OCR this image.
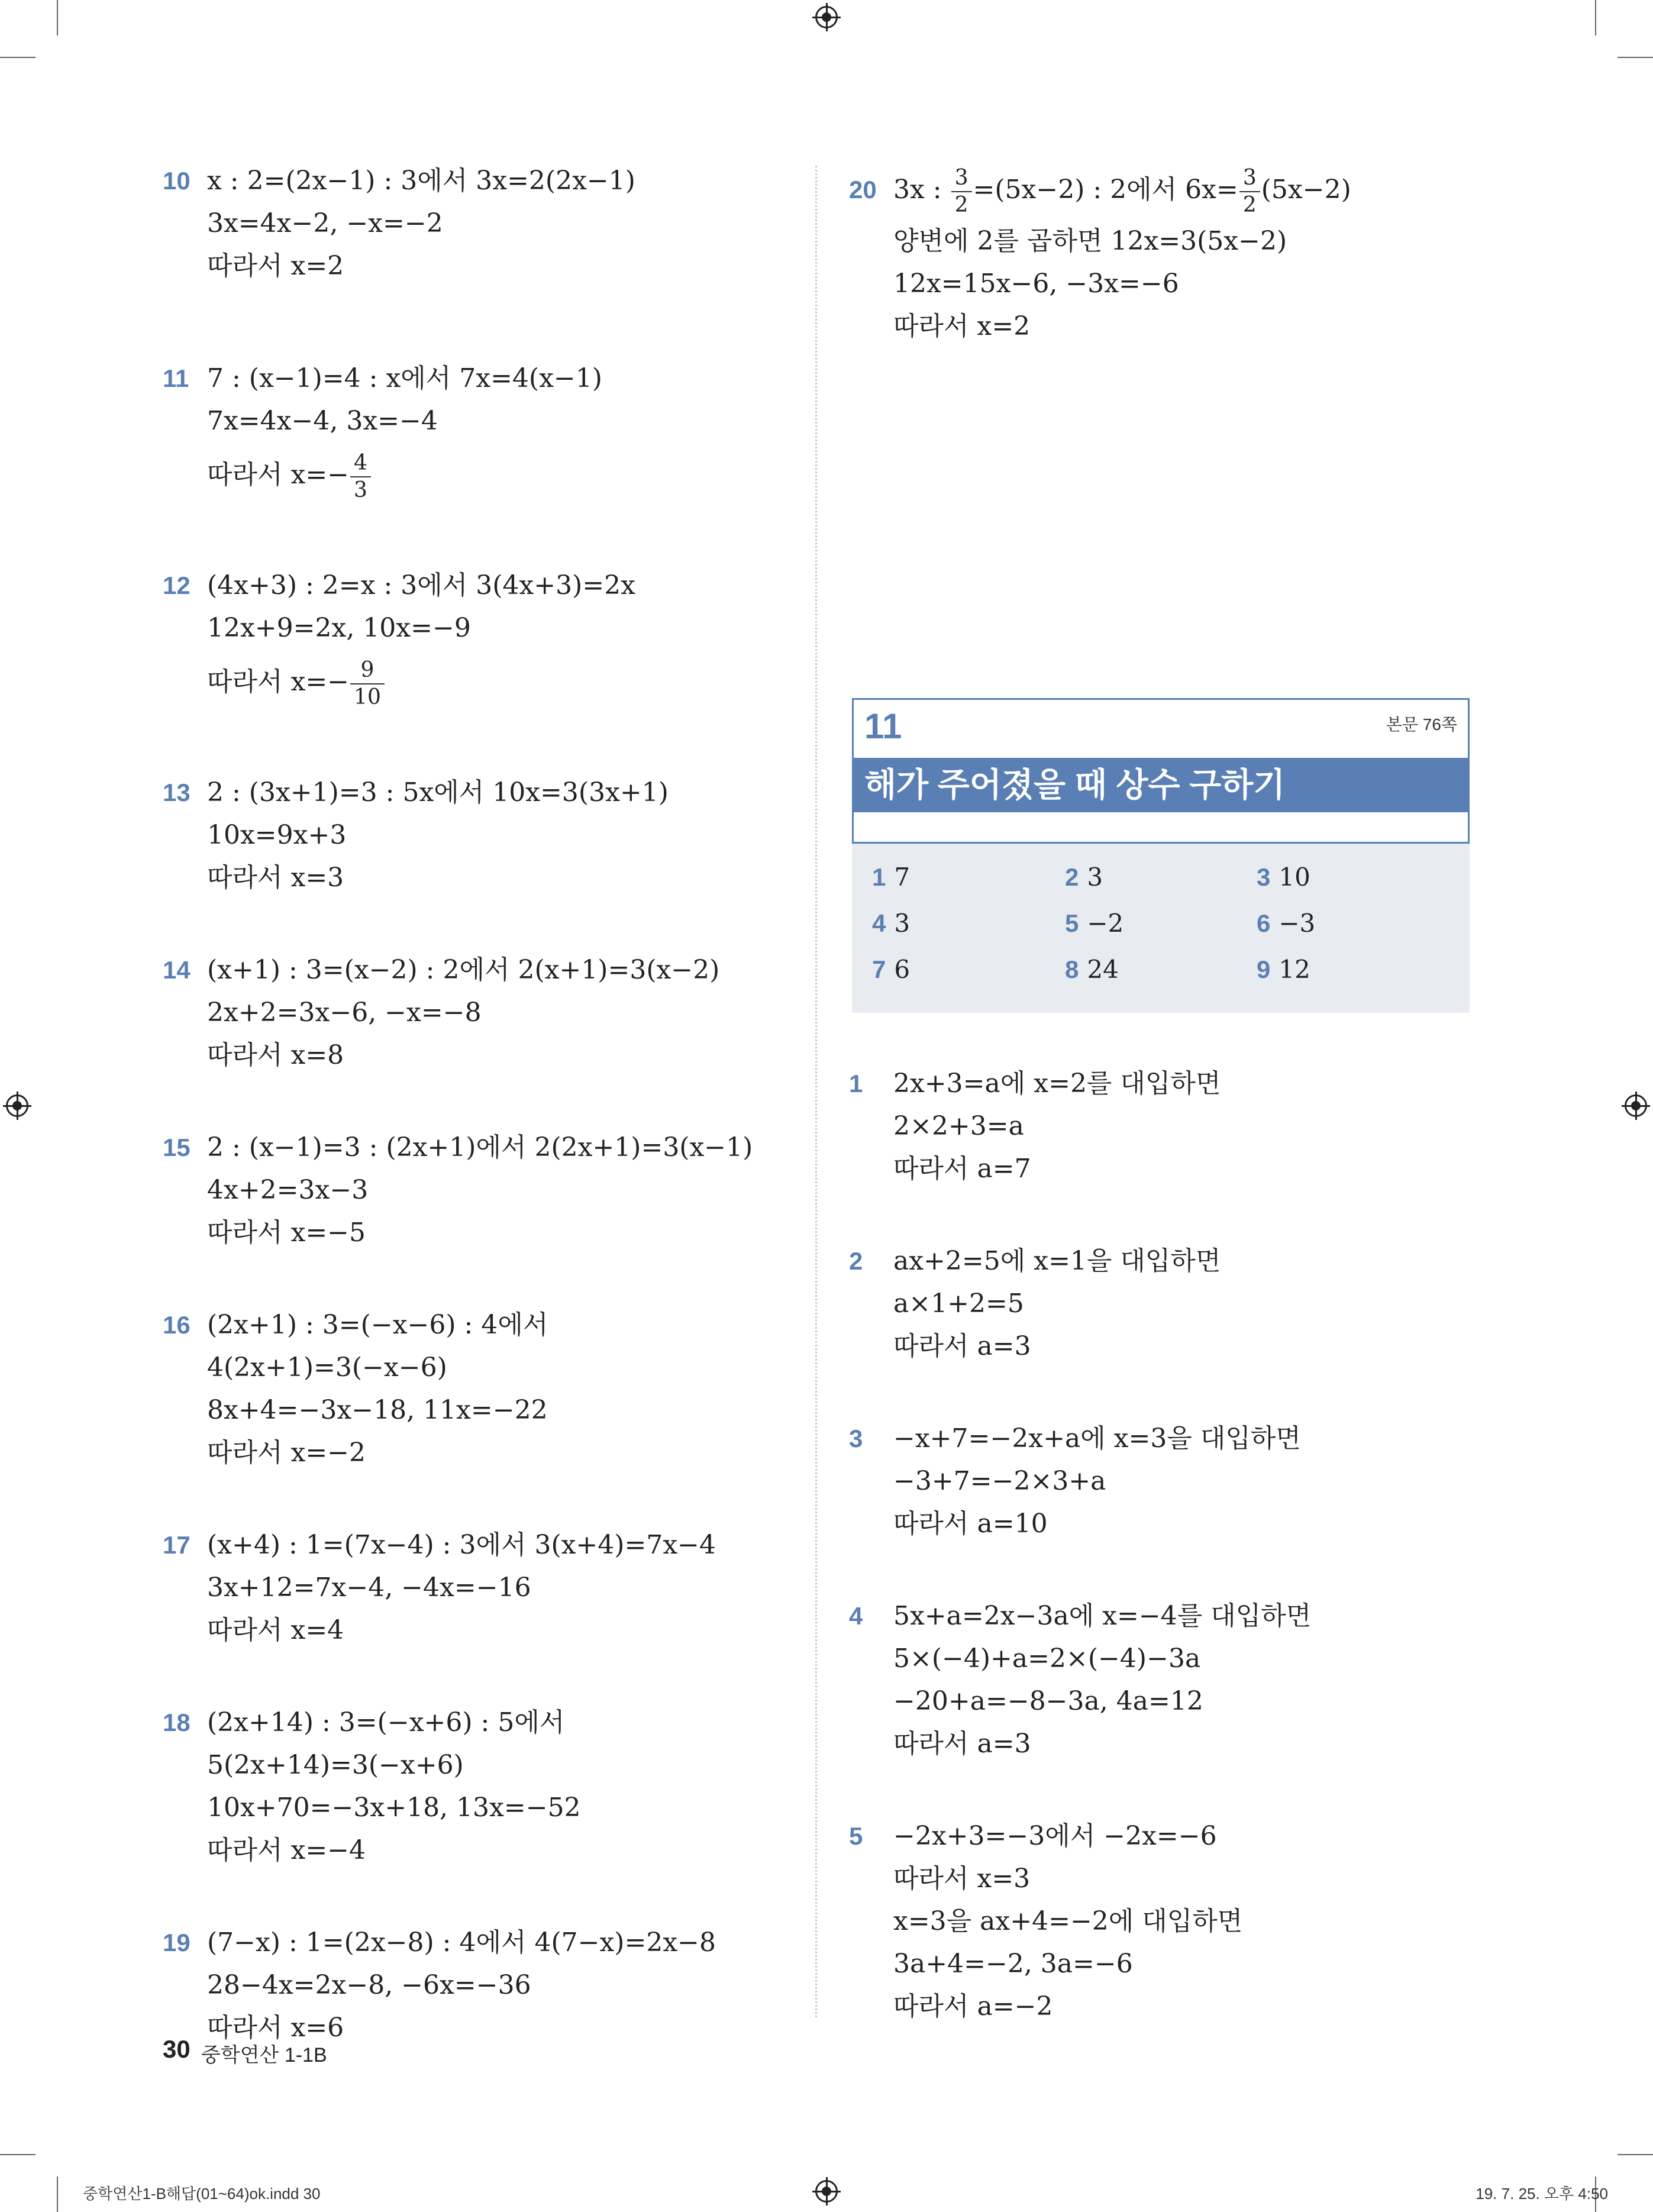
10 x : 2=(2x−1) : 3에서 3x=2(2x−1)
3x=4x−2, −x=−2
따라서 x=2
11 7 : (x−1)=4 : x에서 7x=4(x−1)
7x=4x−4, 3x=−4
따라서 $x=- \frac{4}{3}$
12 (4x+3) : 2=x : 3에서 3(4x+3)=2x
12x+9=2x, 10x=−9
따라서 $x=- \frac{9}{10}$
13 2 : (3x+1)=3 : 5x에서 10x=3(3x+1)
10x=9x+3
따라서 x=3
14 (x+1) : 3=(x−2) : 2에서 2(x+1)=3(x−2)
2x+2=3x−6, −x=−8
따라서 x=8
15 2 : (x−1)=3 : (2x+1)에서 2(2x+1)=3(x−1)
4x+2=3x−3
따라서 x=−5
16 (2x+1) : 3=(−x−6) : 4에서
4(2x+1)=3(−x−6)
8x+4=−3x−18, 11x=−22
따라서 x=−2
17 (x+4) : 1=(7x−4) : 3에서 3(x+4)=7x−4
3x+12=7x−4, −4x=−16
따라서 x=4
18 (2x+14) : 3=(−x+6) : 5에서
5(2x+14)=3(−x+6)
10x+70=−3x+18, 13x=−52
따라서 x=−4
19 (7−x) : 1=(2x−8) : 4에서 4(7−x)=2x−8
28−4x=2x−8, −6x=−36
따라서 x=6
20 3x : $\frac{3}{2} =(5x-2)$ : 2에서 $6x= \frac{3}{2} (5x-2)$
양변에 2를 곱하면 12x=3(5x−2)
12x=15x−6, −3x=−6
따라서 x=2
11	본문 76쪽
해가 주어졌을 때 상수 구하기
1 7	2 3	3 10
4 3	5 −2	6 −3
7 6	8 24	9 12
1 2x+3=a에 x=2를 대입하면
2×2+3=a
따라서 a=7
2 ax+2=5에 x=1을 대입하면
a×1+2=5
따라서 a=3
3 −x+7=−2x+a에 x=3을 대입하면
−3+7=−2×3+a
따라서 a=10
4 5x+a=2x−3a에 x=−4를 대입하면
5×(−4)+a=2×(−4)−3a
−20+a=−8−3a, 4a=12
따라서 a=3
5 −2x+3=−3에서 −2x=−6
따라서 x=3
x=3을 ax+4=−2에 대입하면
3a+4=−2, 3a=−6
따라서 a=−2
30 중학연산 1-1B
중학연산1-B해답(01~64)ok.indd 30	19. 7. 25. 오후 4:50
